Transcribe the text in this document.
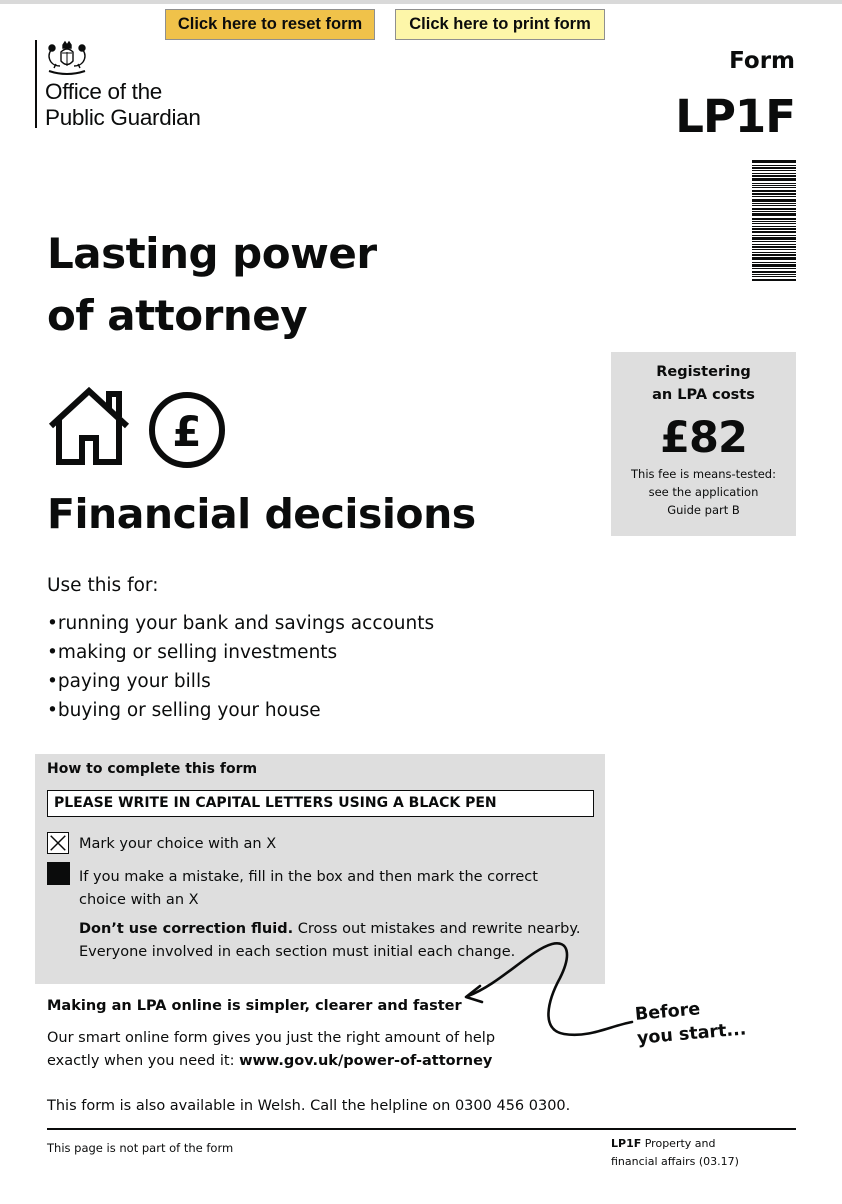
Click here to reset form	Click here to print form
Office of the
Public Guardian
Form
LP1F
Lasting power
of attorney
£
Financial decisions
Registering
an LPA costs
£82
This fee is means-tested:
see the application
Guide part B
Use this for:
• running your bank and savings accounts
• making or selling investments
• paying your bills
• buying or selling your house
How to complete this form
PLEASE WRITE IN CAPITAL LETTERS USING A BLACK PEN
Mark your choice with an X
If you make a mistake, fill in the box and then mark the correct
choice with an X
Don’t use correction fluid. Cross out mistakes and rewrite nearby.
Everyone involved in each section must initial each change.
Making an LPA online is simpler, clearer and faster
Our smart online form gives you just the right amount of help
exactly when you need it: www.gov.uk/power-of-attorney
Before
you start...
This form is also available in Welsh. Call the helpline on 0300 456 0300.
This page is not part of the form	LP1F Property and
financial affairs (03.17)
